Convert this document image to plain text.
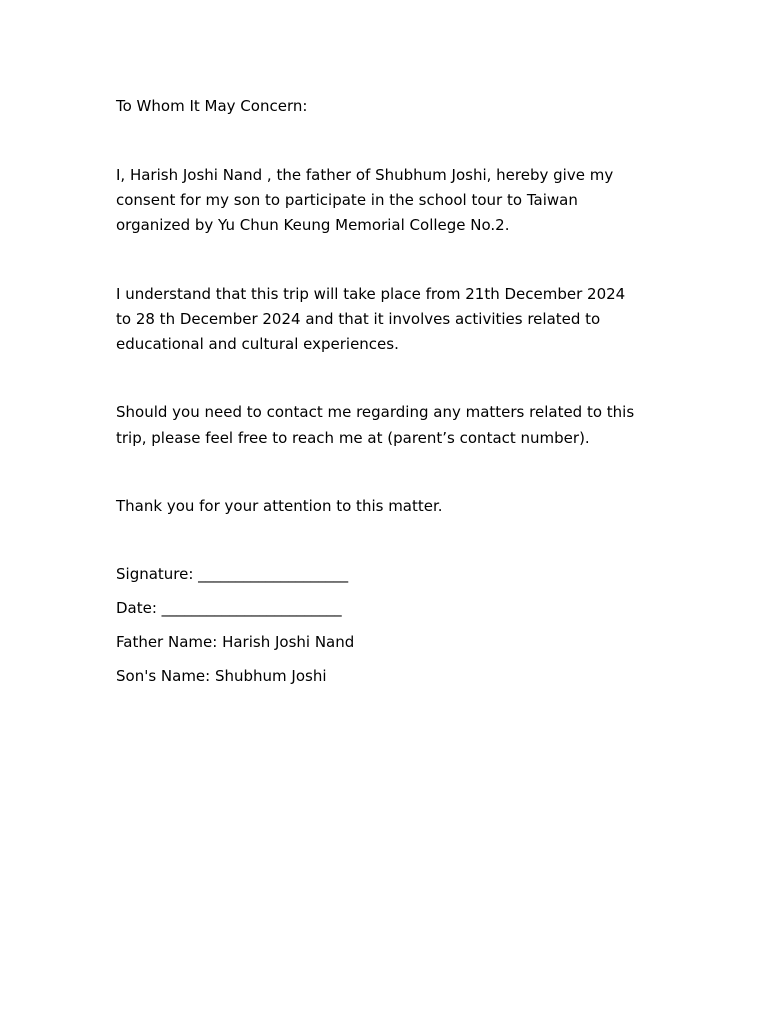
To Whom It May Concern:

I, Harish Joshi Nand , the father of Shubhum Joshi, hereby give my

consent for my son to participate in the school tour to Taiwan

organized by Yu Chun Keung Memorial College No.2.

I understand that this trip will take place from 21th December 2024

to 28 th December 2024 and that it involves activities related to

educational and cultural experiences.

Should you need to contact me regarding any matters related to this

trip, please feel free to reach me at (parent’s contact number).

Thank you for your attention to this matter.

Signature: ____________________

Date: ________________________

Father Name: Harish Joshi Nand

Son's Name: Shubhum Joshi
